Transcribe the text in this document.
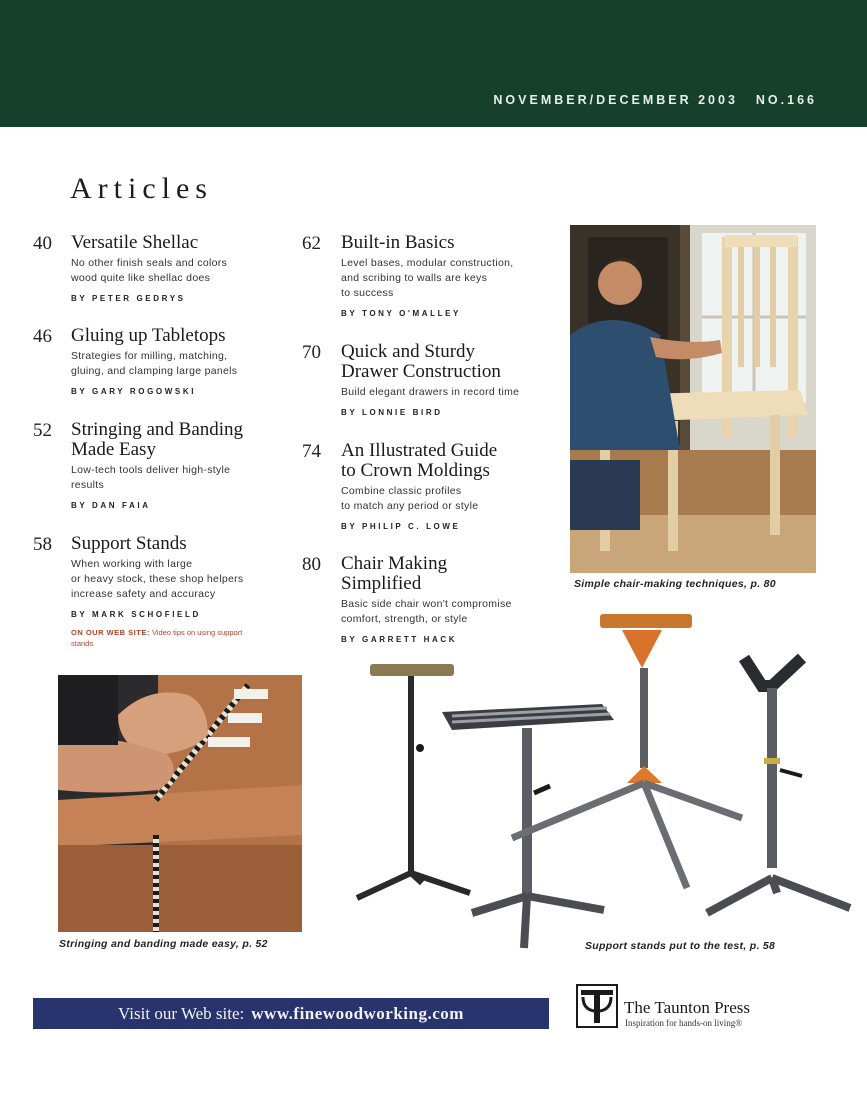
NOVEMBER/DECEMBER 2003 NO.166
Articles
40 Versatile Shellac
No other finish seals and colors
wood quite like shellac does
BY PETER GEDRYS
46 Gluing up Tabletops
Strategies for milling, matching,
gluing, and clamping large panels
BY GARY ROGOWSKI
52 Stringing and Banding
Made Easy
Low-tech tools deliver high-style
results
BY DAN FAIA
58 Support Stands
When working with large
or heavy stock, these shop helpers
increase safety and accuracy
BY MARK SCHOFIELD
ON OUR WEB SITE: Video tips on using support
stands
62 Built-in Basics
Level bases, modular construction,
and scribing to walls are keys
to success
BY TONY O'MALLEY
70 Quick and Sturdy
Drawer Construction
Build elegant drawers in record time
BY LONNIE BIRD
74 An Illustrated Guide
to Crown Moldings
Combine classic profiles
to match any period or style
BY PHILIP C. LOWE
80 Chair Making
Simplified
Basic side chair won't compromise
comfort, strength, or style
BY GARRETT HACK
Simple chair-making techniques, p. 80
Stringing and banding made easy, p. 52	Support stands put to the test, p. 58
Visit our Web site: www.finewoodworking.com	The Taunton Press
Inspiration for hands-on living®
